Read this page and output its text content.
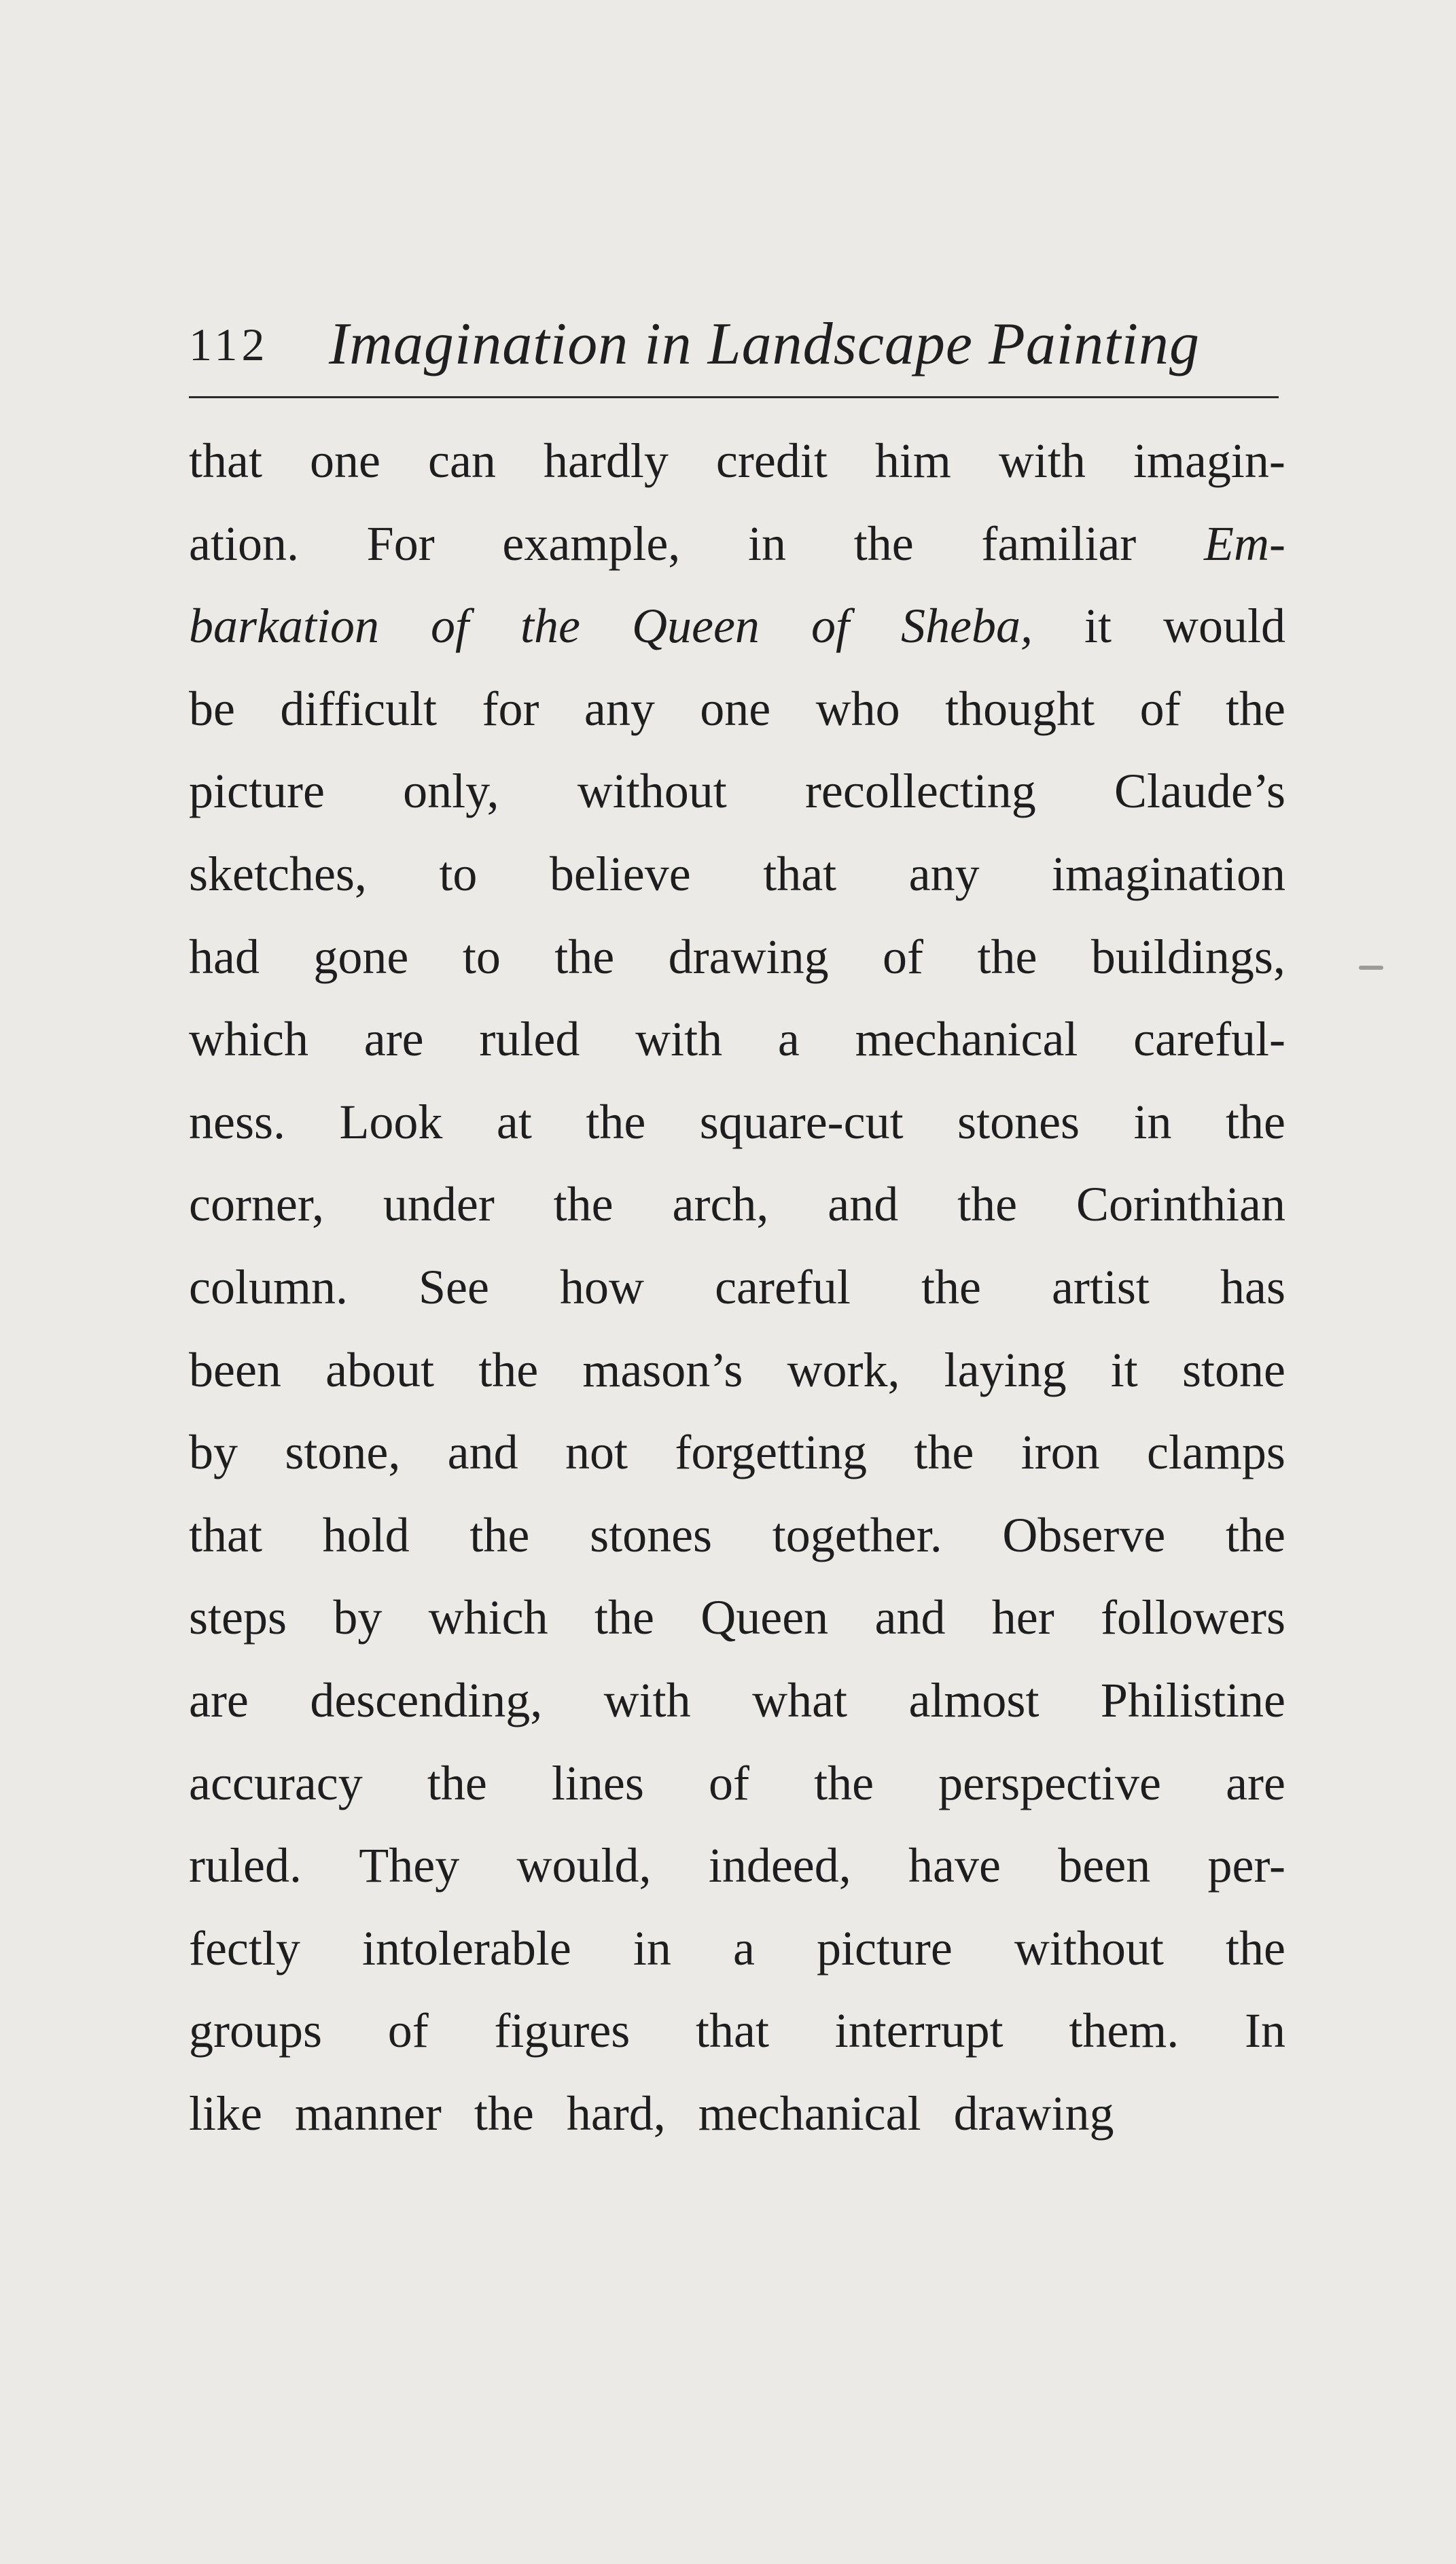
112 Imagination in Landscape Painting
that one can hardly credit him with imagin-
ation. For example, in the familiar Em-
barkation of the Queen of Sheba, it would
be difficult for any one who thought of the
picture only, without recollecting Claude’s
sketches, to believe that any imagination
had gone to the drawing of the buildings,
which are ruled with a mechanical careful-
ness. Look at the square-cut stones in the
corner, under the arch, and the Corinthian
column. See how careful the artist has
been about the mason’s work, laying it stone
by stone, and not forgetting the iron clamps
that hold the stones together. Observe the
steps by which the Queen and her followers
are descending, with what almost Philistine
accuracy the lines of the perspective are
ruled. They would, indeed, have been per-
fectly intolerable in a picture without the
groups of figures that interrupt them. In
like manner the hard, mechanical drawing
